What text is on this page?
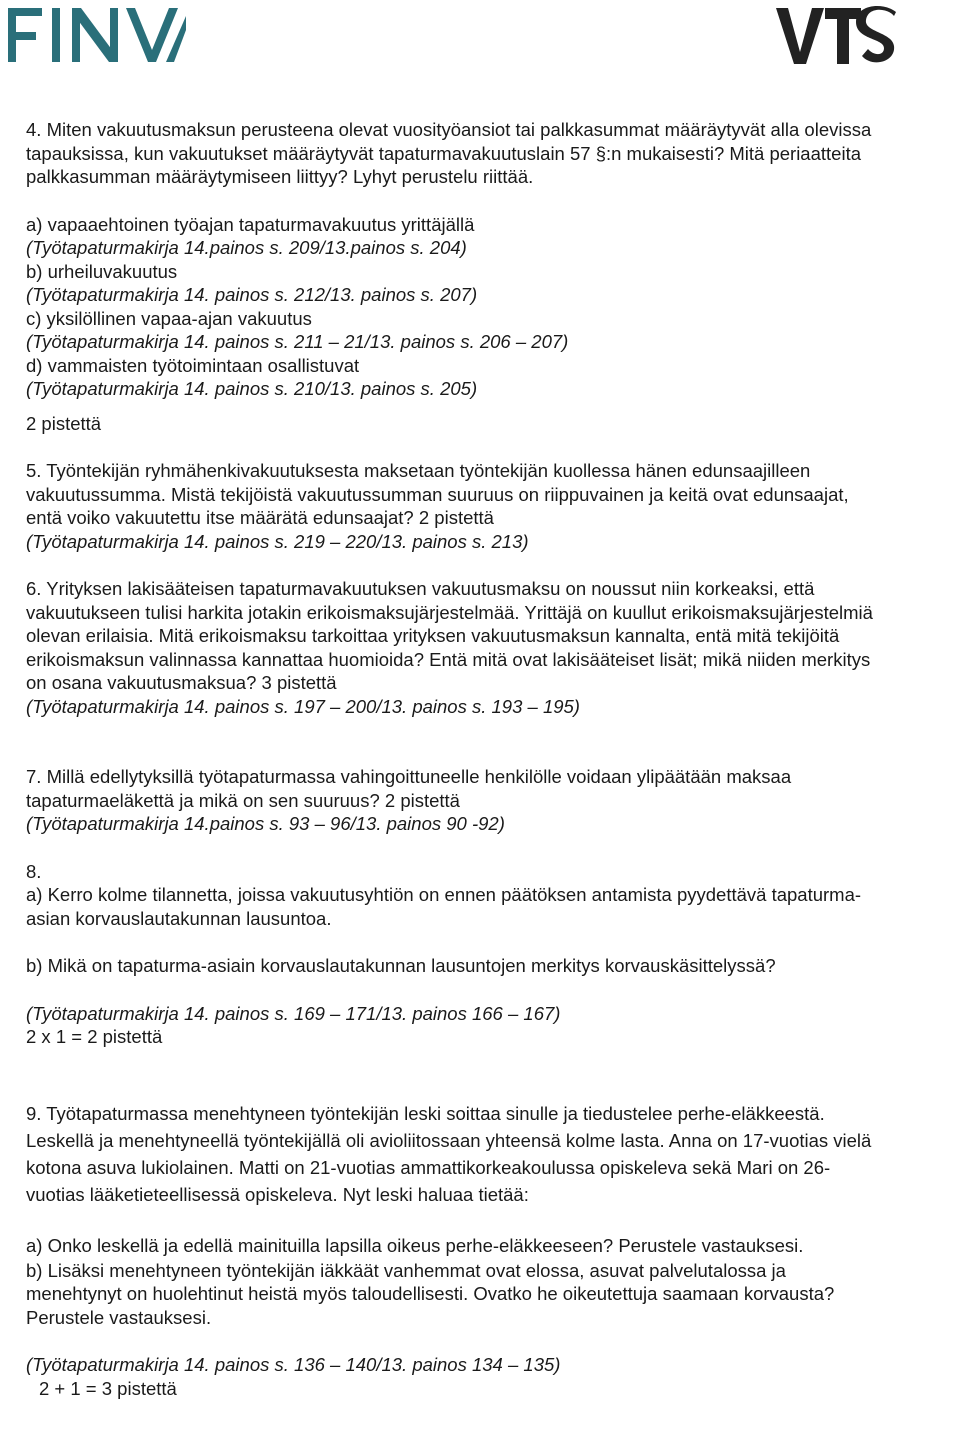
4. Miten vakuutusmaksun perusteena olevat vuosityöansiot tai palkkasummat määräytyvät alla olevissa

tapauksissa, kun vakuutukset määräytyvät tapaturmavakuutuslain 57 §:n mukaisesti? Mitä periaatteita

palkkasumman määräytymiseen liittyy? Lyhyt perustelu riittää.

a) vapaaehtoinen työajan tapaturmavakuutus yrittäjällä

(Työtapaturmakirja 14.painos s. 209/13.painos s. 204)

b) urheiluvakuutus

(Työtapaturmakirja 14. painos s. 212/13. painos s. 207)

c) yksilöllinen vapaa-ajan vakuutus

(Työtapaturmakirja 14. painos s. 211 – 21/13. painos s. 206 – 207)

d) vammaisten työtoimintaan osallistuvat

(Työtapaturmakirja 14. painos s. 210/13. painos s. 205)

2 pistettä

5. Työntekijän ryhmähenkivakuutuksesta maksetaan työntekijän kuollessa hänen edunsaajilleen

vakuutussumma. Mistä tekijöistä vakuutussumman suuruus on riippuvainen ja keitä ovat edunsaajat,

entä voiko vakuutettu itse määrätä edunsaajat? 2 pistettä

(Työtapaturmakirja 14. painos s. 219 – 220/13. painos s. 213)

6. Yrityksen lakisääteisen tapaturmavakuutuksen vakuutusmaksu on noussut niin korkeaksi, että

vakuutukseen tulisi harkita jotakin erikoismaksujärjestelmää. Yrittäjä on kuullut erikoismaksujärjestelmiä

olevan erilaisia. Mitä erikoismaksu tarkoittaa yrityksen vakuutusmaksun kannalta, entä mitä tekijöitä

erikoismaksun valinnassa kannattaa huomioida? Entä mitä ovat lakisääteiset lisät; mikä niiden merkitys

on osana vakuutusmaksua? 3 pistettä

(Työtapaturmakirja 14. painos s. 197 – 200/13. painos s. 193 – 195)

7. Millä edellytyksillä työtapaturmassa vahingoittuneelle henkilölle voidaan ylipäätään maksaa

tapaturmaeläkettä ja mikä on sen suuruus? 2 pistettä

(Työtapaturmakirja 14.painos s. 93 – 96/13. painos 90 -92)

8.

a) Kerro kolme tilannetta, joissa vakuutusyhtiön on ennen päätöksen antamista pyydettävä tapaturma-

asian korvauslautakunnan lausuntoa.

b) Mikä on tapaturma-asiain korvauslautakunnan lausuntojen merkitys korvauskäsittelyssä?

(Työtapaturmakirja 14. painos s. 169 – 171/13. painos 166 – 167)

2 x 1 = 2 pistettä

9. Työtapaturmassa menehtyneen työntekijän leski soittaa sinulle ja tiedustelee perhe-eläkkeestä.

Leskellä ja menehtyneellä työntekijällä oli avioliitossaan yhteensä kolme lasta. Anna on 17-vuotias vielä

kotona asuva lukiolainen. Matti on 21-vuotias ammattikorkeakoulussa opiskeleva sekä Mari on 26-

vuotias lääketieteellisessä opiskeleva. Nyt leski haluaa tietää:

a) Onko leskellä ja edellä mainituilla lapsilla oikeus perhe-eläkkeeseen? Perustele vastauksesi.

b) Lisäksi menehtyneen työntekijän iäkkäät vanhemmat ovat elossa, asuvat palvelutalossa ja

menehtynyt on huolehtinut heistä myös taloudellisesti. Ovatko he oikeutettuja saamaan korvausta?

Perustele vastauksesi.

(Työtapaturmakirja 14. painos s. 136 – 140/13. painos 134 – 135)

2 + 1 = 3 pistettä
